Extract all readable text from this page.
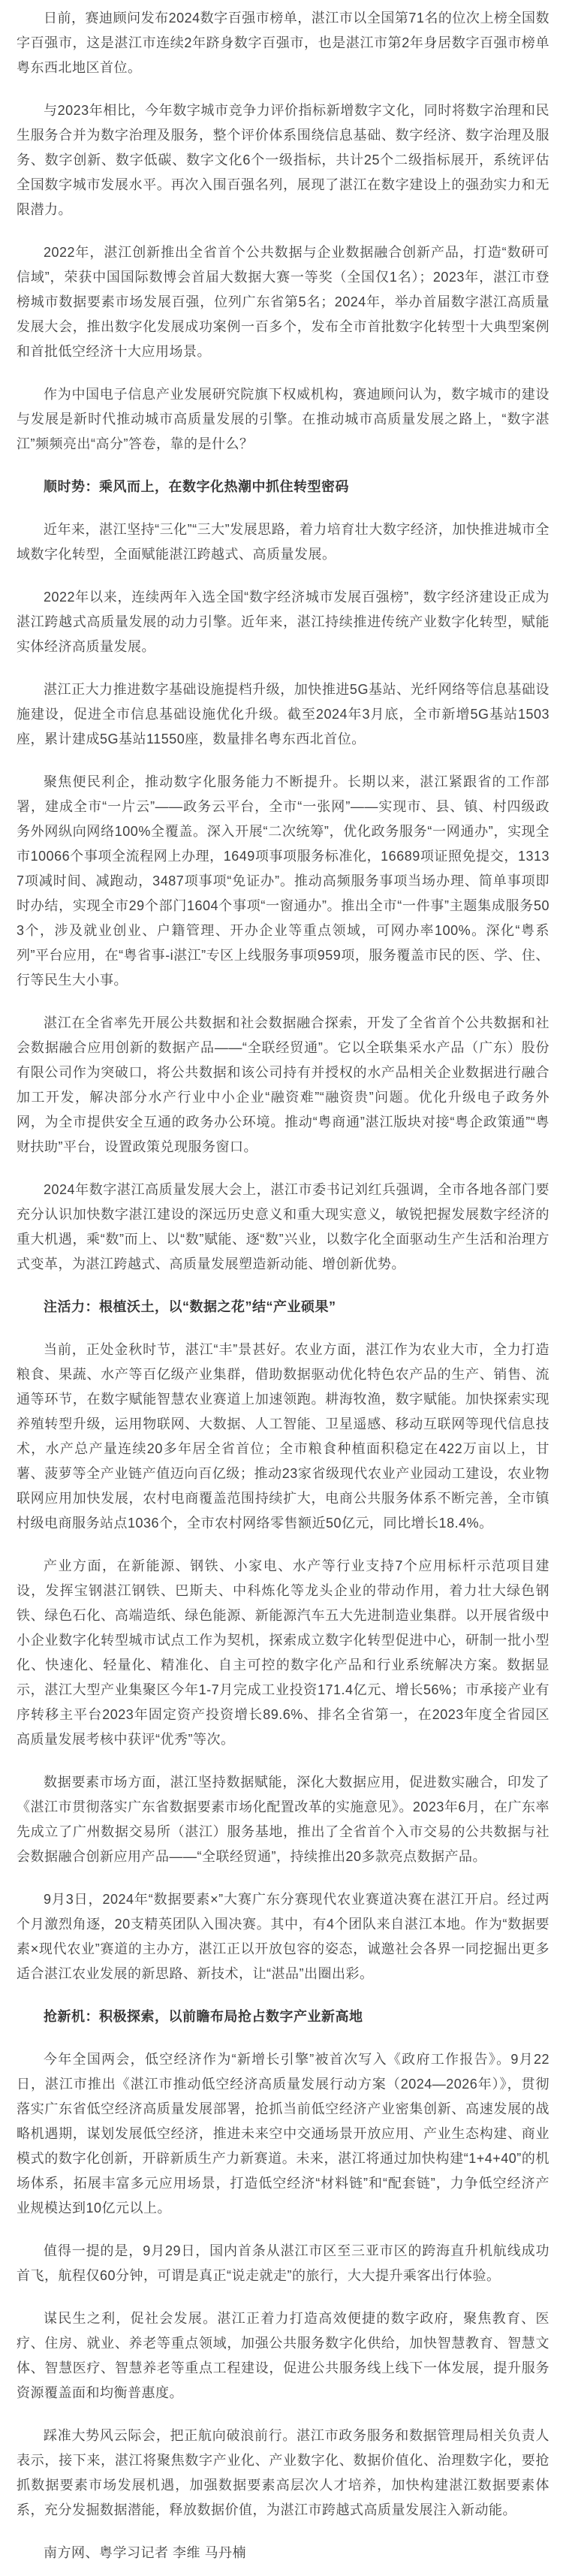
日前，赛迪顾问发布2024数字百强市榜单，湛江市以全国第71名的位次上榜全国数字百强市，这是湛江市连续2年跻身数字百强市，也是湛江市第2年身居数字百强市榜单粤东西北地区首位。

与2023年相比，今年数字城市竞争力评价指标新增数字文化，同时将数字治理和民生服务合并为数字治理及服务，整个评价体系围绕信息基础、数字经济、数字治理及服务、数字创新、数字低碳、数字文化6个一级指标，共计25个二级指标展开，系统评估全国数字城市发展水平。再次入围百强名列，展现了湛江在数字建设上的强劲实力和无限潜力。

2022年，湛江创新推出全省首个公共数据与企业数据融合创新产品，打造“数研可信域”，荣获中国国际数博会首届大数据大赛一等奖（全国仅1名）；2023年，湛江市登榜城市数据要素市场发展百强，位列广东省第5名；2024年，举办首届数字湛江高质量发展大会，推出数字化发展成功案例一百多个，发布全市首批数字化转型十大典型案例和首批低空经济十大应用场景。

作为中国电子信息产业发展研究院旗下权威机构，赛迪顾问认为，数字城市的建设与发展是新时代推动城市高质量发展的引擎。在推动城市高质量发展之路上，“数字湛江”频频亮出“高分”答卷，靠的是什么？

顺时势：乘风而上，在数字化热潮中抓住转型密码

近年来，湛江坚持“三化”“三大”发展思路，着力培育壮大数字经济，加快推进城市全域数字化转型，全面赋能湛江跨越式、高质量发展。

2022年以来，连续两年入选全国“数字经济城市发展百强榜”，数字经济建设正成为湛江跨越式高质量发展的动力引擎。近年来，湛江持续推进传统产业数字化转型，赋能实体经济高质量发展。

湛江正大力推进数字基础设施提档升级，加快推进5G基站、光纤网络等信息基础设施建设，促进全市信息基础设施优化升级。截至2024年3月底，全市新增5G基站1503座，累计建成5G基站11550座，数量排名粤东西北首位。

聚焦便民利企，推动数字化服务能力不断提升。长期以来，湛江紧跟省的工作部署，建成全市“一片云”——政务云平台，全市“一张网”——实现市、县、镇、村四级政务外网纵向网络100%全覆盖。深入开展“二次统筹”，优化政务服务“一网通办”，实现全市10066个事项全流程网上办理，1649项事项服务标准化，16689项证照免提交，13137项减时间、减跑动，3487项事项“免证办”。推动高频服务事项当场办理、简单事项即时办结，实现全市29个部门1604个事项“一窗通办”。推出全市“一件事”主题集成服务503个，涉及就业创业、户籍管理、开办企业等重点领域，可网办率100%。深化“粤系列”平台应用，在“粤省事-i湛江”专区上线服务事项959项，服务覆盖市民的医、学、住、行等民生大小事。

湛江在全省率先开展公共数据和社会数据融合探索，开发了全省首个公共数据和社会数据融合应用创新的数据产品——“全联经贸通”。它以全联集采水产品（广东）股份有限公司作为突破口，将公共数据和该公司持有并授权的水产品相关企业数据进行融合加工开发，解决部分水产行业中小企业“融资难”“融资贵”问题。优化升级电子政务外网，为全市提供安全互通的政务办公环境。推动“粤商通”湛江版块对接“粤企政策通”“粤财扶助”平台，设置政策兑现服务窗口。

2024年数字湛江高质量发展大会上，湛江市委书记刘红兵强调，全市各地各部门要充分认识加快数字湛江建设的深远历史意义和重大现实意义，敏锐把握发展数字经济的重大机遇，乘“数”而上、以“数”赋能、逐“数”兴业，以数字化全面驱动生产生活和治理方式变革，为湛江跨越式、高质量发展塑造新动能、增创新优势。

注活力：根植沃土，以“数据之花”结“产业硕果”

当前，正处金秋时节，湛江“丰”景甚好。农业方面，湛江作为农业大市，全力打造粮食、果蔬、水产等百亿级产业集群，借助数据驱动优化特色农产品的生产、销售、流通等环节，在数字赋能智慧农业赛道上加速领跑。耕海牧渔，数字赋能。加快探索实现养殖转型升级，运用物联网、大数据、人工智能、卫星遥感、移动互联网等现代信息技术，水产总产量连续20多年居全省首位；全市粮食种植面积稳定在422万亩以上，甘薯、菠萝等全产业链产值迈向百亿级；推动23家省级现代农业产业园动工建设，农业物联网应用加快发展，农村电商覆盖范围持续扩大，电商公共服务体系不断完善，全市镇村级电商服务站点1036个，全市农村网络零售额近50亿元，同比增长18.4%。

产业方面，在新能源、钢铁、小家电、水产等行业支持7个应用标杆示范项目建设，发挥宝钢湛江钢铁、巴斯夫、中科炼化等龙头企业的带动作用，着力壮大绿色钢铁、绿色石化、高端造纸、绿色能源、新能源汽车五大先进制造业集群。以开展省级中小企业数字化转型城市试点工作为契机，探索成立数字化转型促进中心，研制一批小型化、快速化、轻量化、精准化、自主可控的数字化产品和行业系统解决方案。数据显示，湛江大型产业集聚区今年1-7月完成工业投资171.4亿元、增长56%；市承接产业有序转移主平台2023年固定资产投资增长89.6%、排名全省第一，在2023年度全省园区高质量发展考核中获评“优秀”等次。

数据要素市场方面，湛江坚持数据赋能，深化大数据应用，促进数实融合，印发了《湛江市贯彻落实广东省数据要素市场化配置改革的实施意见》。2023年6月，在广东率先成立了广州数据交易所（湛江）服务基地，推出了全省首个入市交易的公共数据与社会数据融合创新应用产品——“全联经贸通”，持续推出20多款亮点数据产品。

9月3日，2024年“数据要素×”大赛广东分赛现代农业赛道决赛在湛江开启。经过两个月激烈角逐，20支精英团队入围决赛。其中，有4个团队来自湛江本地。作为“数据要素×现代农业”赛道的主办方，湛江正以开放包容的姿态，诚邀社会各界一同挖掘出更多适合湛江农业发展的新思路、新技术，让“湛品”出圈出彩。

抢新机：积极探索，以前瞻布局抢占数字产业新高地

今年全国两会，低空经济作为“新增长引擎”被首次写入《政府工作报告》。9月22日，湛江市推出《湛江市推动低空经济高质量发展行动方案（2024—2026年）》，贯彻落实广东省低空经济高质量发展部署，抢抓当前低空经济产业密集创新、高速发展的战略机遇期，谋划发展低空经济，推进未来空中交通场景开放应用、产业生态构建、商业模式的数字化创新，开辟新质生产力新赛道。未来，湛江将通过加快构建“1+4+40”的机场体系，拓展丰富多元应用场景，打造低空经济“材料链”和“配套链”，力争低空经济产业规模达到10亿元以上。

值得一提的是，9月29日，国内首条从湛江市区至三亚市区的跨海直升机航线成功首飞，航程仅60分钟，可谓是真正“说走就走”的旅行，大大提升乘客出行体验。

谋民生之利，促社会发展。湛江正着力打造高效便捷的数字政府，聚焦教育、医疗、住房、就业、养老等重点领域，加强公共服务数字化供给，加快智慧教育、智慧文体、智慧医疗、智慧养老等重点工程建设，促进公共服务线上线下一体发展，提升服务资源覆盖面和均衡普惠度。

踩准大势风云际会，把正航向破浪前行。湛江市政务服务和数据管理局相关负责人表示，接下来，湛江将聚焦数字产业化、产业数字化、数据价值化、治理数字化，要抢抓数据要素市场发展机遇，加强数据要素高层次人才培养，加快构建湛江数据要素体系，充分发掘数据潜能，释放数据价值，为湛江市跨越式高质量发展注入新动能。

南方网、粤学习记者 李维 马丹楠
